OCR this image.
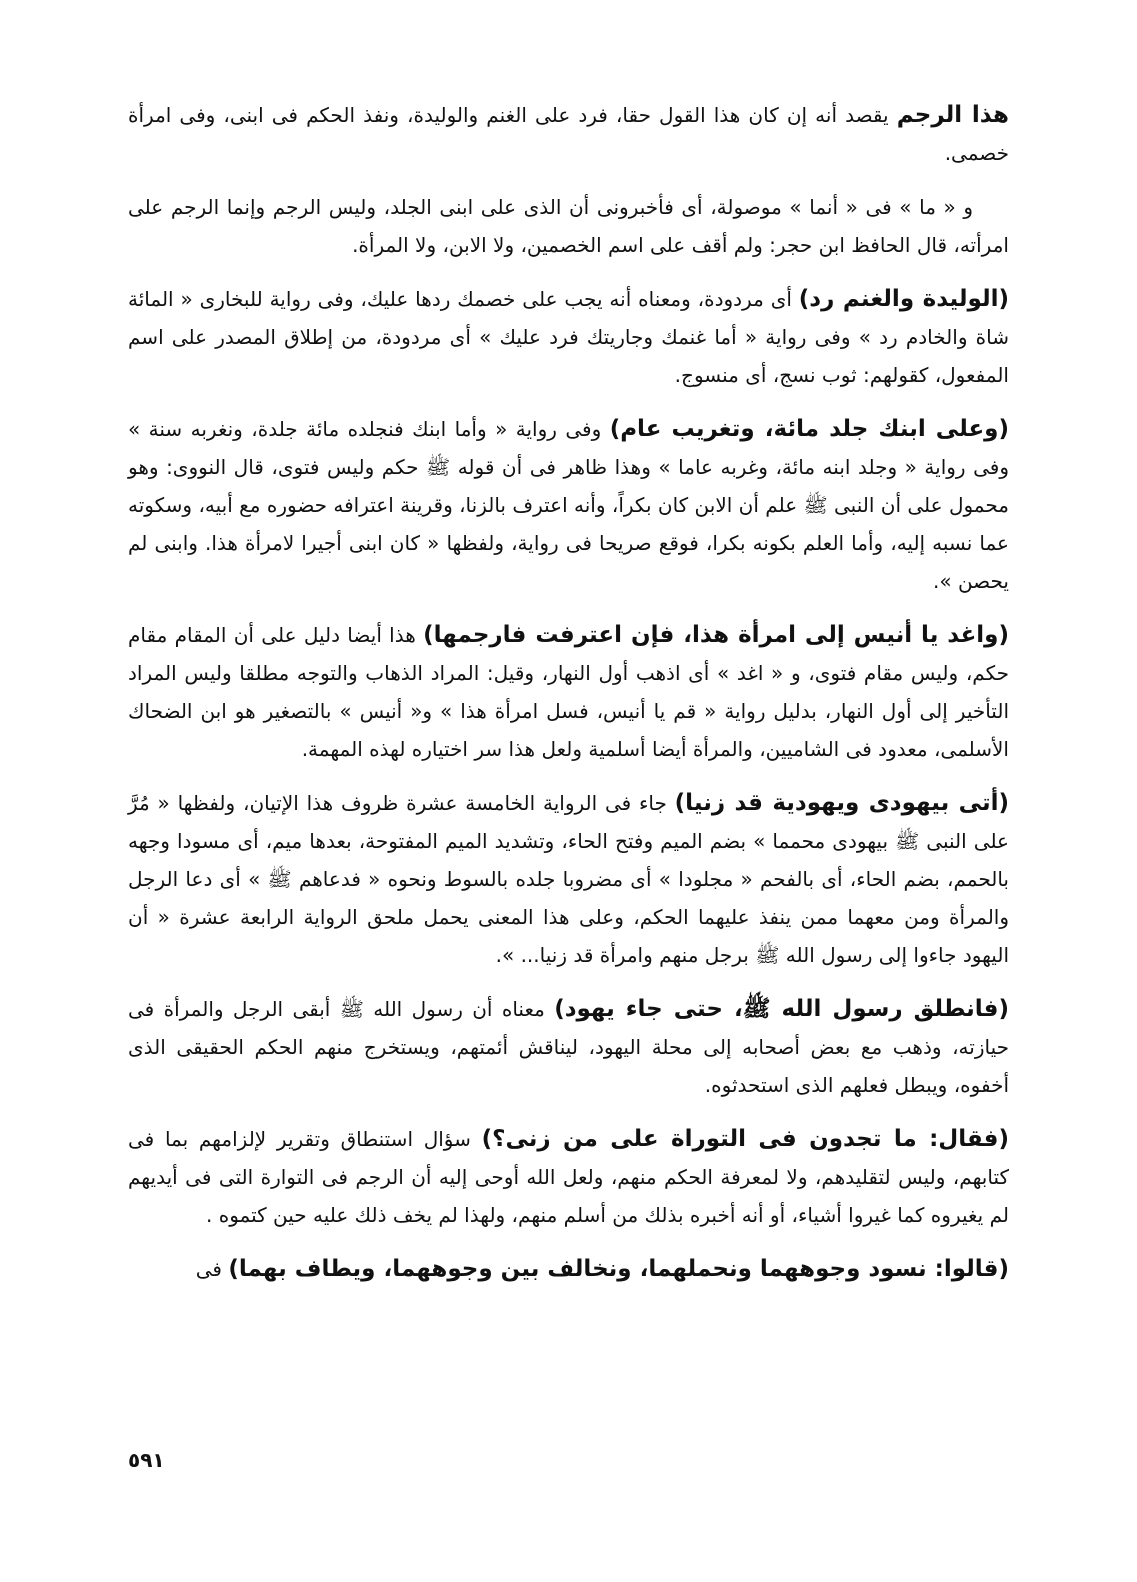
هذا الرجم يقصد أنه إن كان هذا القول حقا، فرد على الغنم والوليدة، ونفذ الحكم فى ابنى، وفى امرأة خصمى.

و « ما » فى « أنما » موصولة، أى فأخبرونى أن الذى على ابنى الجلد، وليس الرجم وإنما الرجم على امرأته، قال الحافظ ابن حجر: ولم أقف على اسم الخصمين، ولا الابن، ولا المرأة.

(الوليدة والغنم رد) أى مردودة، ومعناه أنه يجب على خصمك ردها عليك، وفى رواية للبخارى « المائة شاة والخادم رد » وفى رواية « أما غنمك وجاريتك فرد عليك » أى مردودة، من إطلاق المصدر على اسم المفعول، كقولهم: ثوب نسج، أى منسوج.

(وعلى ابنك جلد مائة، وتغريب عام) وفى رواية « وأما ابنك فنجلده مائة جلدة، ونغربه سنة » وفى رواية « وجلد ابنه مائة، وغربه عاما » وهذا ظاهر فى أن قوله ﷺ حكم وليس فتوى، قال النووى: وهو محمول على أن النبى ﷺ علم أن الابن كان بكراً، وأنه اعترف بالزنا، وقرينة اعترافه حضوره مع أبيه، وسكوته عما نسبه إليه، وأما العلم بكونه بكرا، فوقع صريحا فى رواية، ولفظها « كان ابنى أجيرا لامرأة هذا. وابنى لم يحصن ».

(واغد يا أنيس إلى امرأة هذا، فإن اعترفت فارجمها) هذا أيضا دليل على أن المقام مقام حكم، وليس مقام فتوى، و « اغد » أى اذهب أول النهار، وقيل: المراد الذهاب والتوجه مطلقا وليس المراد التأخير إلى أول النهار، بدليل رواية « قم يا أنيس، فسل امرأة هذا » و« أنيس » بالتصغير هو ابن الضحاك الأسلمى، معدود فى الشاميين، والمرأة أيضا أسلمية ولعل هذا سر اختياره لهذه المهمة.

(أتى بيهودى ويهودية قد زنيا) جاء فى الرواية الخامسة عشرة ظروف هذا الإتيان، ولفظها « مُرَّ على النبى ﷺ بيهودى محمما » بضم الميم وفتح الحاء، وتشديد الميم المفتوحة، بعدها ميم، أى مسودا وجهه بالحمم، بضم الحاء، أى بالفحم « مجلودا » أى مضروبا جلده بالسوط ونحوه « فدعاهم ﷺ » أى دعا الرجل والمرأة ومن معهما ممن ينفذ عليهما الحكم، وعلى هذا المعنى يحمل ملحق الرواية الرابعة عشرة « أن اليهود جاءوا إلى رسول الله ﷺ برجل منهم وامرأة قد زنيا... ».

(فانطلق رسول الله ﷺ، حتى جاء يهود) معناه أن رسول الله ﷺ أبقى الرجل والمرأة فى حيازته، وذهب مع بعض أصحابه إلى محلة اليهود، ليناقش أئمتهم، ويستخرج منهم الحكم الحقيقى الذى أخفوه، ويبطل فعلهم الذى استحدثوه.

(فقال: ما تجدون فى التوراة على من زنى؟) سؤال استنطاق وتقرير لإلزامهم بما فى كتابهم، وليس لتقليدهم، ولا لمعرفة الحكم منهم، ولعل الله أوحى إليه أن الرجم فى التوارة التى فى أيديهم لم يغيروه كما غيروا أشياء، أو أنه أخبره بذلك من أسلم منهم، ولهذا لم يخف ذلك عليه حين كتموه .

(قالوا: نسود وجوههما ونحملهما، ونخالف بين وجوههما، ويطاف بهما) فى

٥٩١
